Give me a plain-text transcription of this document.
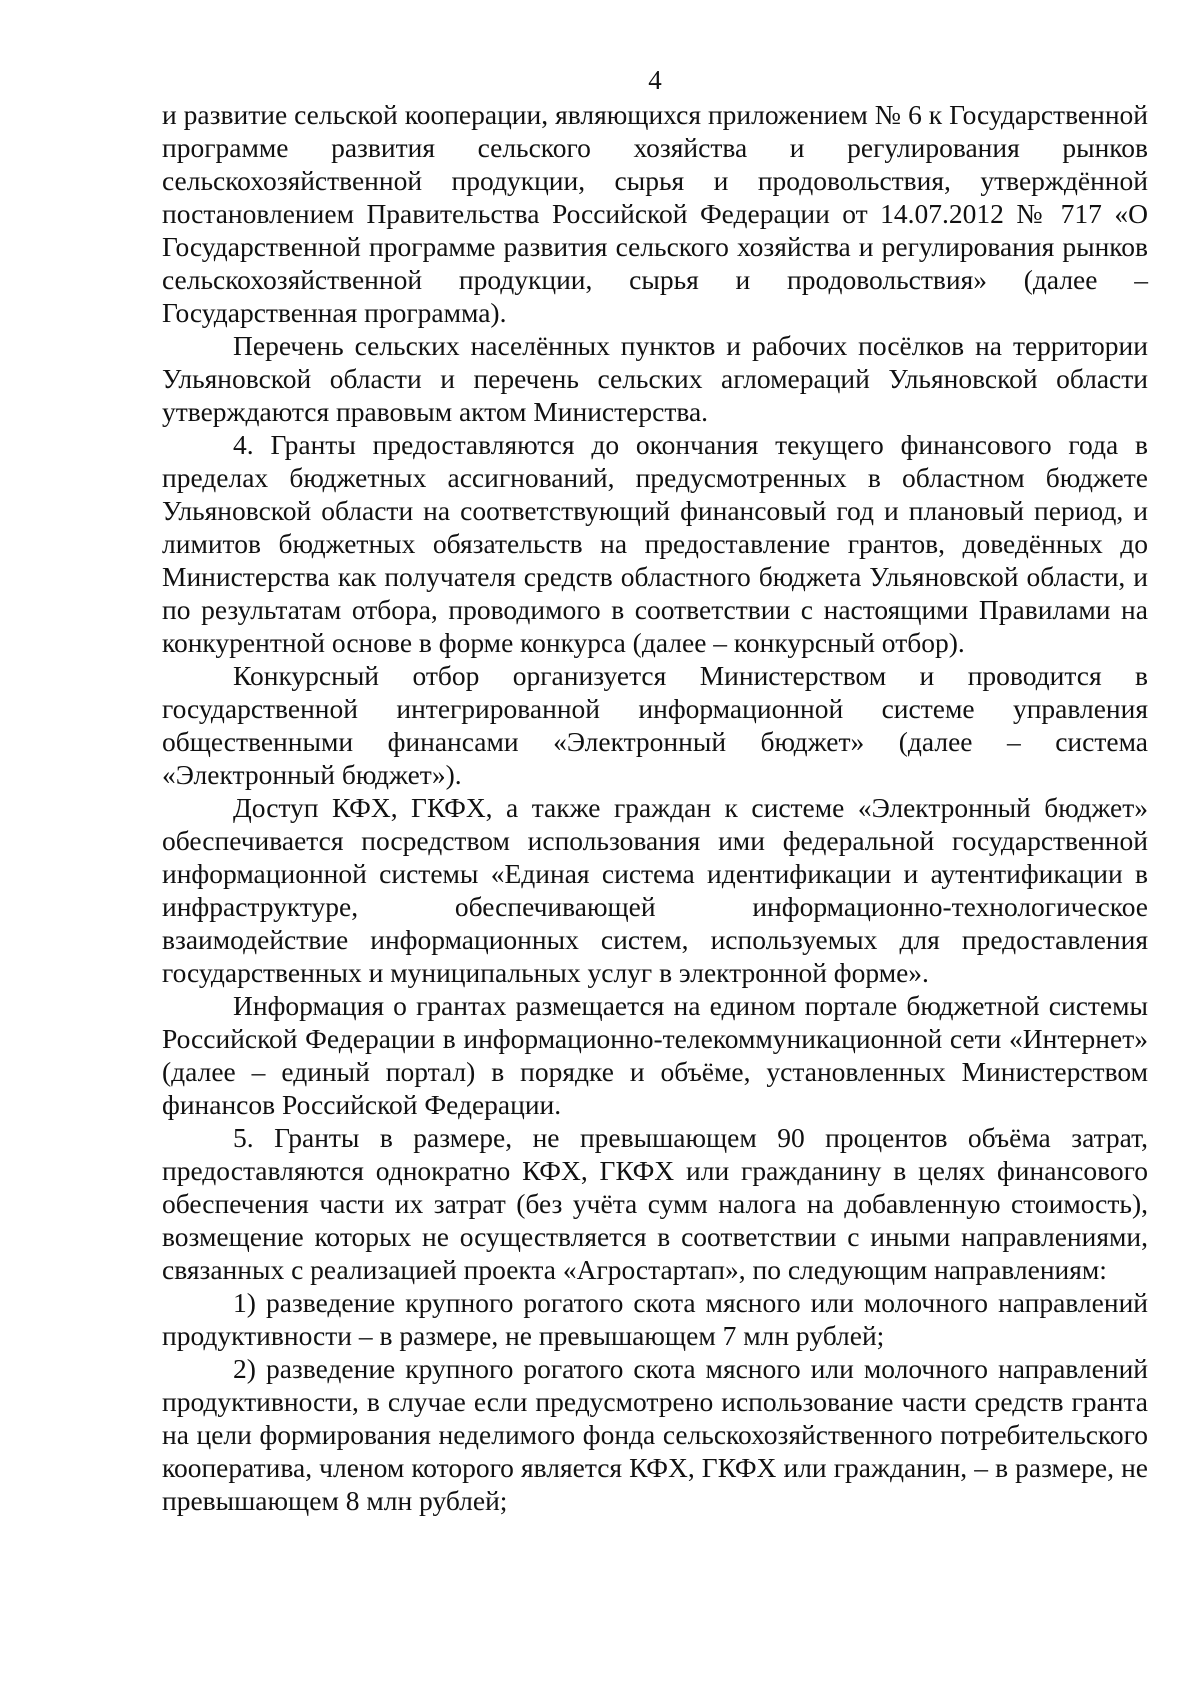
4

и развитие сельской кооперации, являющихся приложением № 6 к Государственной программе развития сельского хозяйства и регулирования рынков сельскохозяйственной продукции, сырья и продовольствия, утверждённой постановлением Правительства Российской Федерации от 14.07.2012 № 717 «О Государственной программе развития сельского хозяйства и регулирования рынков сельскохозяйственной продукции, сырья и продовольствия» (далее – Государственная программа).

Перечень сельских населённых пунктов и рабочих посёлков на территории Ульяновской области и перечень сельских агломераций Ульяновской области утверждаются правовым актом Министерства.

4. Гранты предоставляются до окончания текущего финансового года в пределах бюджетных ассигнований, предусмотренных в областном бюджете Ульяновской области на соответствующий финансовый год и плановый период, и лимитов бюджетных обязательств на предоставление грантов, доведённых до Министерства как получателя средств областного бюджета Ульяновской области, и по результатам отбора, проводимого в соответствии с настоящими Правилами на конкурентной основе в форме конкурса (далее – конкурсный отбор).

Конкурсный отбор организуется Министерством и проводится в государственной интегрированной информационной системе управления общественными финансами «Электронный бюджет» (далее – система «Электронный бюджет»).

Доступ КФХ, ГКФХ, а также граждан к системе «Электронный бюджет» обеспечивается посредством использования ими федеральной государственной информационной системы «Единая система идентификации и аутентификации в инфраструктуре, обеспечивающей информационно-технологическое взаимодействие информационных систем, используемых для предоставления государственных и муниципальных услуг в электронной форме».

Информация о грантах размещается на едином портале бюджетной системы Российской Федерации в информационно-телекоммуникационной сети «Интернет» (далее – единый портал) в порядке и объёме, установленных Министерством финансов Российской Федерации.

5. Гранты в размере, не превышающем 90 процентов объёма затрат, предоставляются однократно КФХ, ГКФХ или гражданину в целях финансового обеспечения части их затрат (без учёта сумм налога на добавленную стоимость), возмещение которых не осуществляется в соответствии с иными направлениями, связанных с реализацией проекта «Агростартап», по следующим направлениям:

1) разведение крупного рогатого скота мясного или молочного направлений продуктивности – в размере, не превышающем 7 млн рублей;

2) разведение крупного рогатого скота мясного или молочного направлений продуктивности, в случае если предусмотрено использование части средств гранта на цели формирования неделимого фонда сельскохозяйственного потребительского кооператива, членом которого является КФХ, ГКФХ или гражданин, – в размере, не превышающем 8 млн рублей;
